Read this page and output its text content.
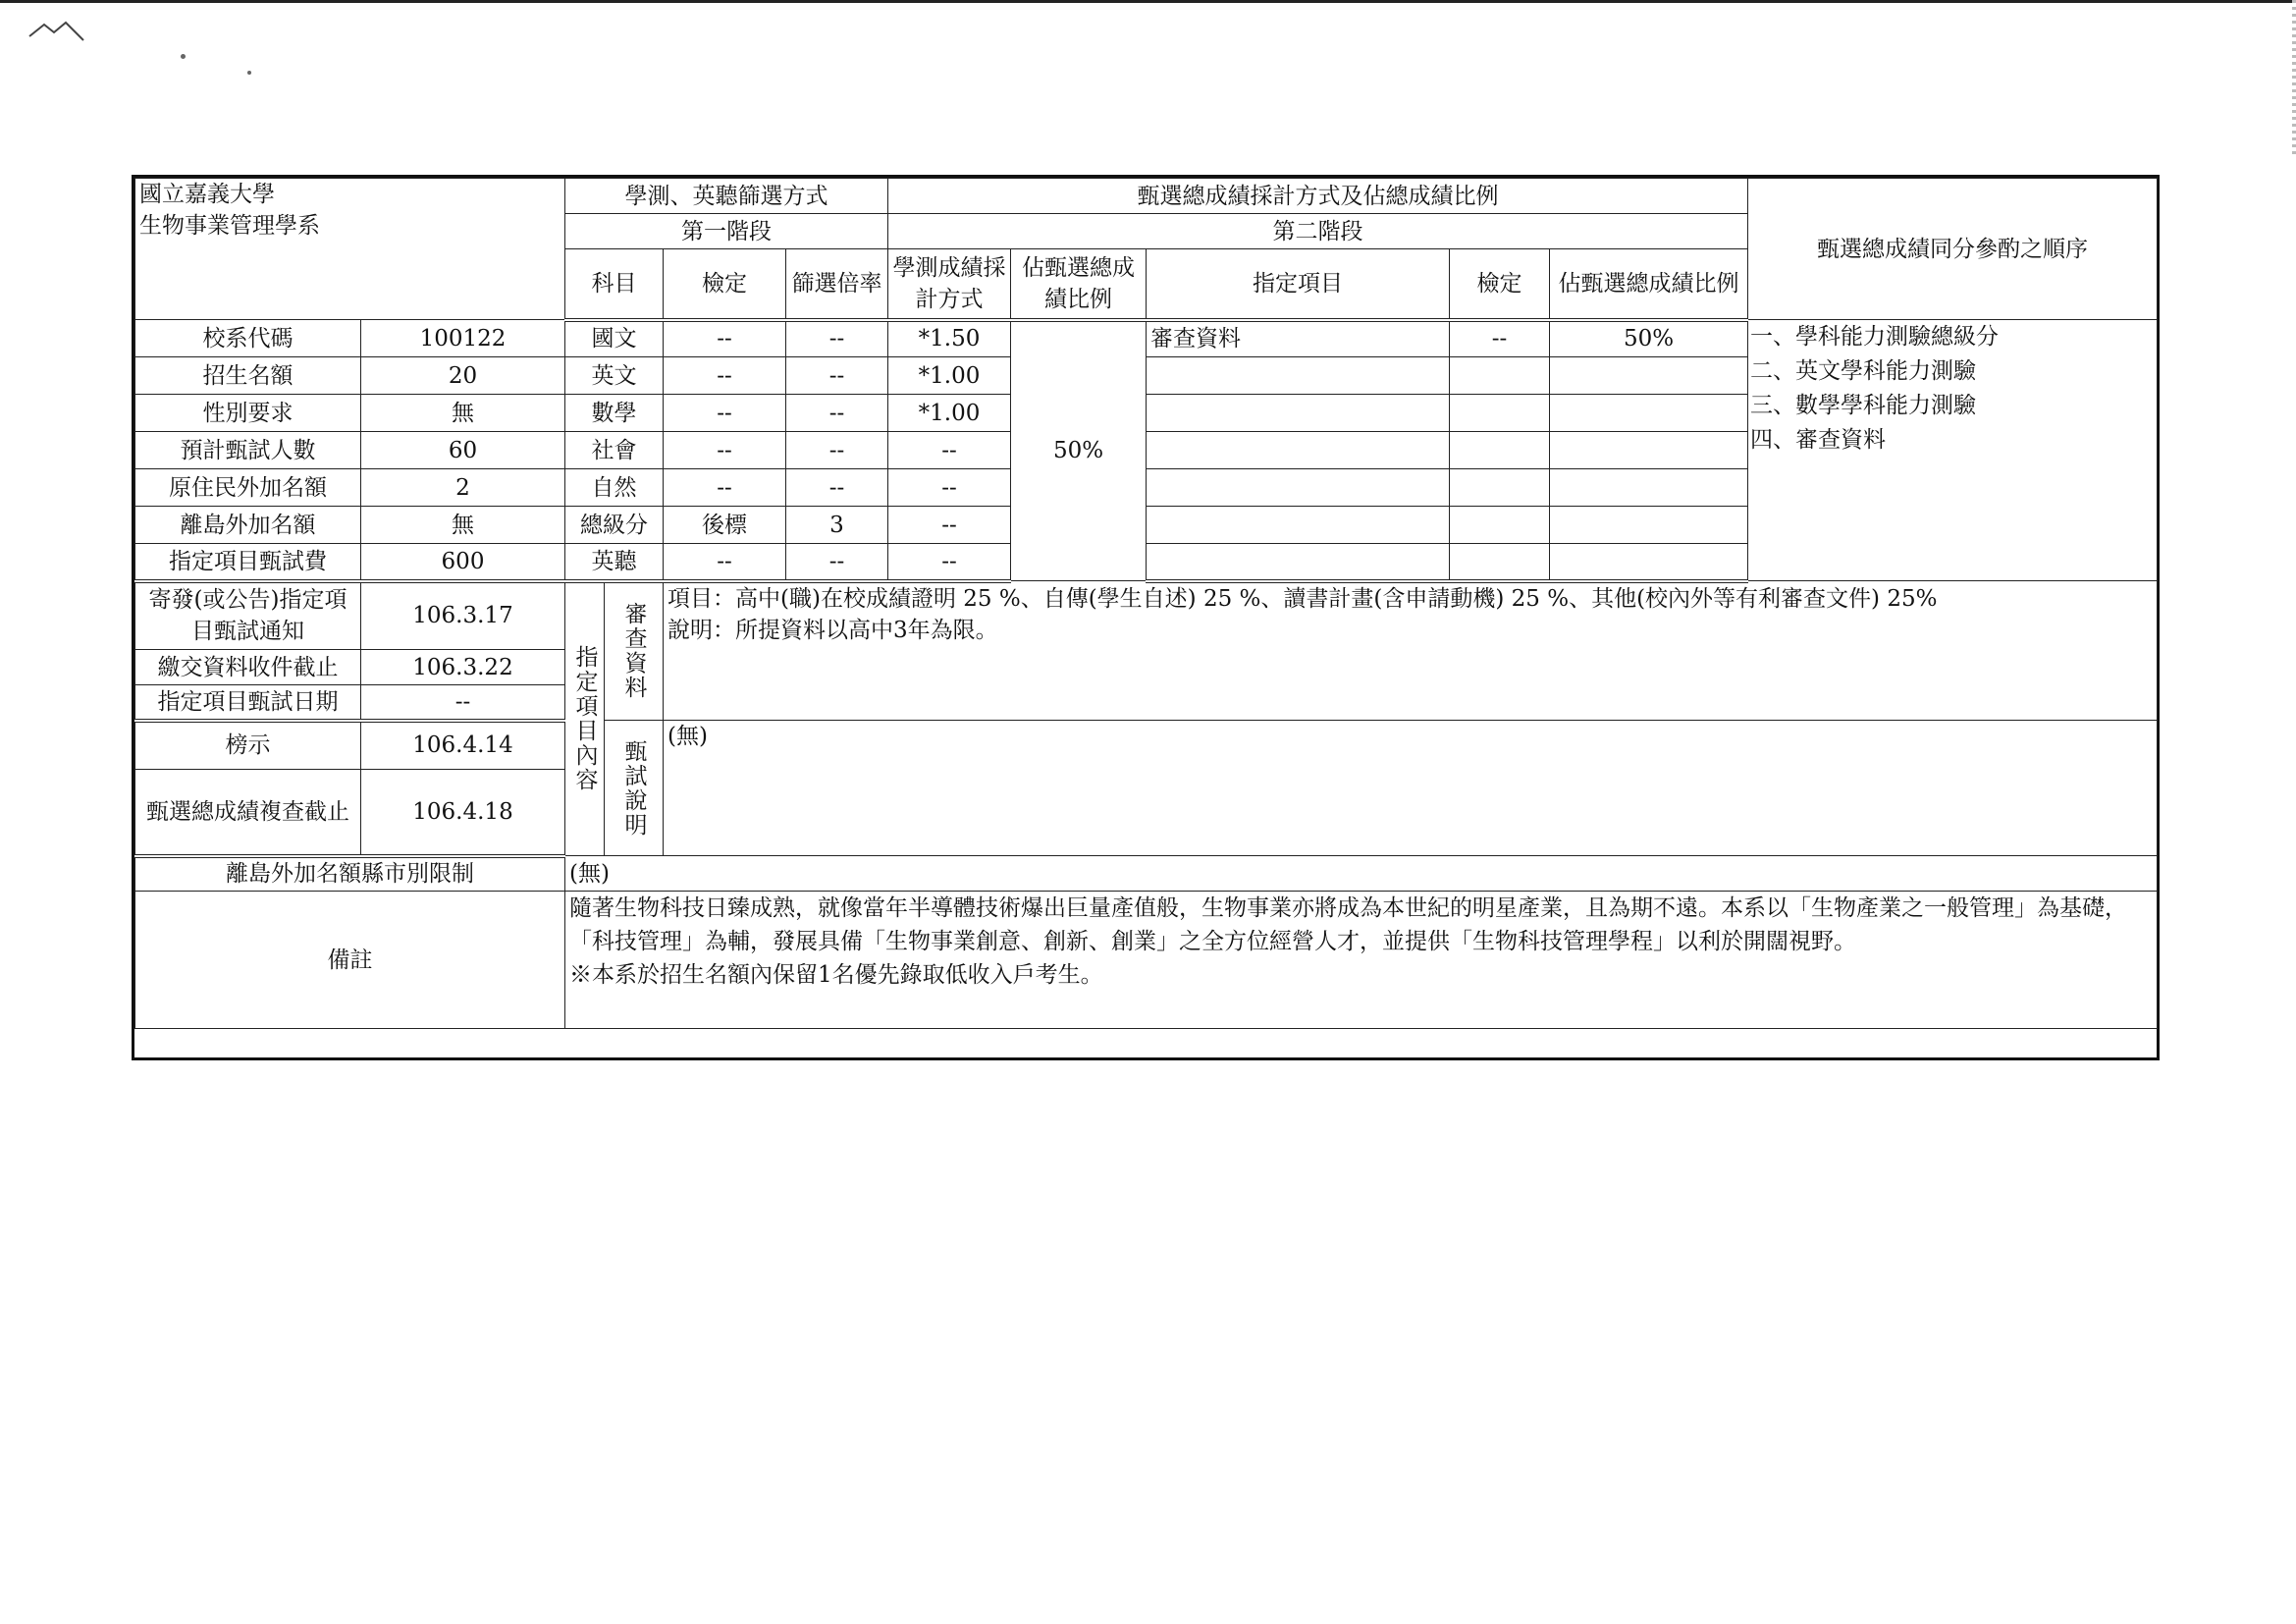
國立嘉義大學
生物事業管理學系		學測、英聽篩選方式				甄選總成績採計方式及佔總成績比例					甄選總成績同分參酌之順序
		第一階段				第二階段					
		科目		檢定	篩選倍率	學測成績採計方式	佔甄選總成績比例	指定項目	檢定	佔甄選總成績比例	
校系代碼	100122	國文		--	--	*1.50	50%	審查資料	--	50%	一、學科能力測驗總級分
二、英文學科能力測驗
三、數學學科能力測驗
四、審查資料

招生名額	20	英文		--	--	*1.00					
性別要求	無	數學		--	--	*1.00					
預計甄試人數	60	社會		--	--	--					
原住民外加名額	2	自然		--	--	--					
離島外加名額	無	總級分		後標	3	--					
指定項目甄試費	600	英聽		--	--	--					
寄發(或公告)指定項目甄試通知	106.3.17	指定項目內容	審查資料	項目：高中(職)在校成績證明 25 %、自傳(學生自述) 25 %、讀書計畫(含申請動機) 25 %、其他(校內外等有利審查文件) 25%
說明：所提資料以高中3年為限。							

繳交資料收件截止	106.3.22										
指定項目甄試日期	--										
榜示	106.4.14		甄試說明	(無)							
甄選總成績複查截止	106.4.18										
離島外加名額縣市別限制		(無)									
備註		隨著生物科技日臻成熟，就像當年半導體技術爆出巨量產值般，生物事業亦將成為本世紀的明星產業，且為期不遠。本系以「生物產業之一般管理」為基礎，「科技管理」為輔，發展具備「生物事業創意、創新、創業」之全方位經營人才，並提供「生物科技管理學程」以利於開闊視野。
※本系於招生名額內保留1名優先錄取低收入戶考生。									
